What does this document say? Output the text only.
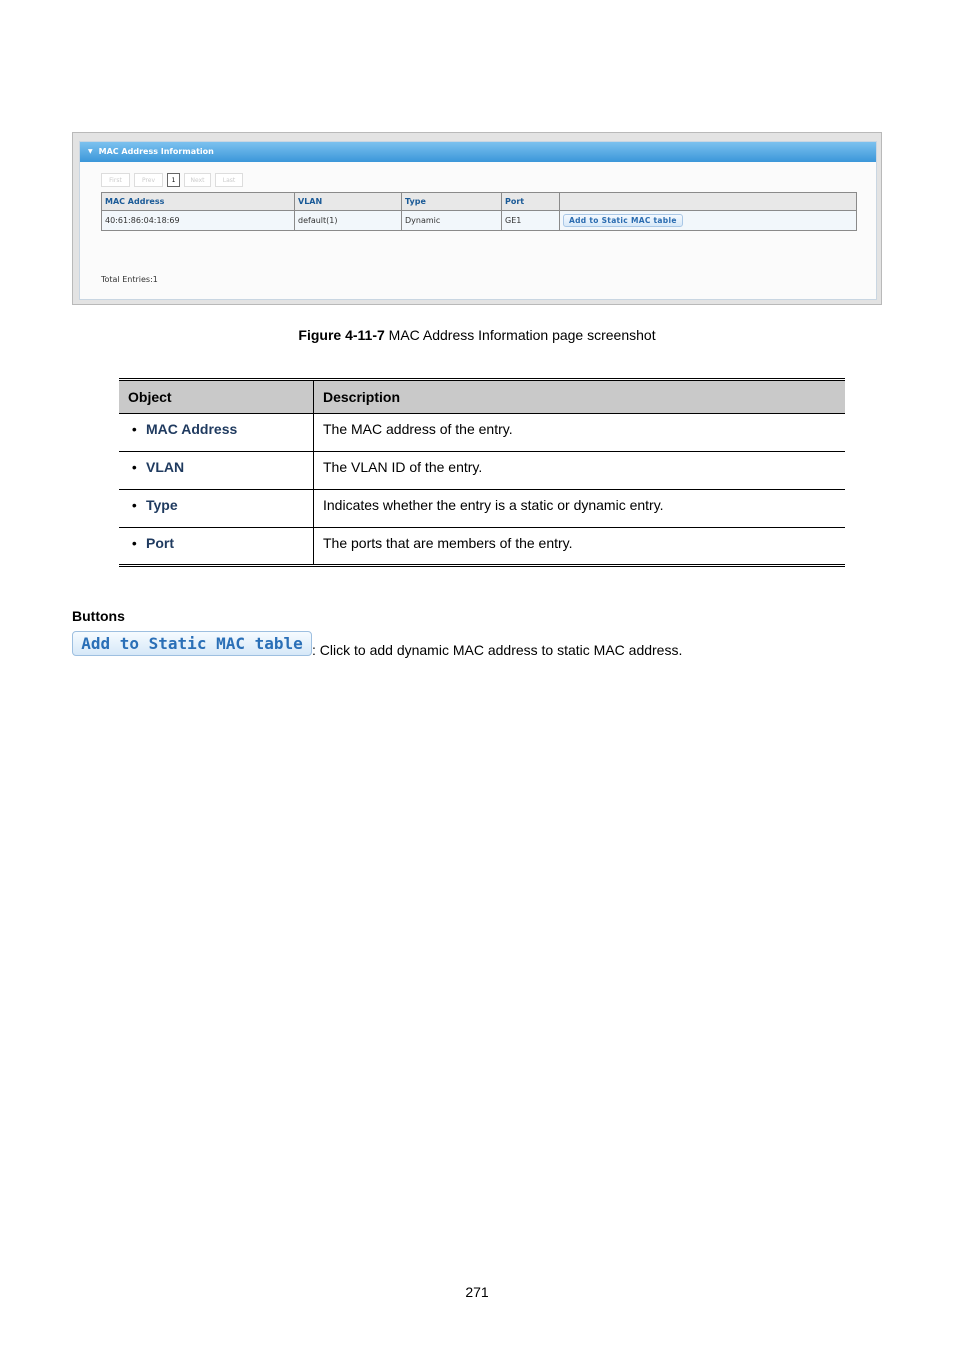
▼ MAC Address Information
First	Prev	1	Next	Last
MAC Address	VLAN	Type	Port	
40:61:86:04:18:69	default(1)	Dynamic	GE1	Add to Static MAC table
Total Entries:1
Figure 4-11-7 MAC Address Information page screenshot
Object	Description
• MAC Address	The MAC address of the entry.
• VLAN	The VLAN ID of the entry.
• Type	Indicates whether the entry is a static or dynamic entry.
• Port	The ports that are members of the entry.
Buttons
Add to Static MAC table : Click to add dynamic MAC address to static MAC address.
271
